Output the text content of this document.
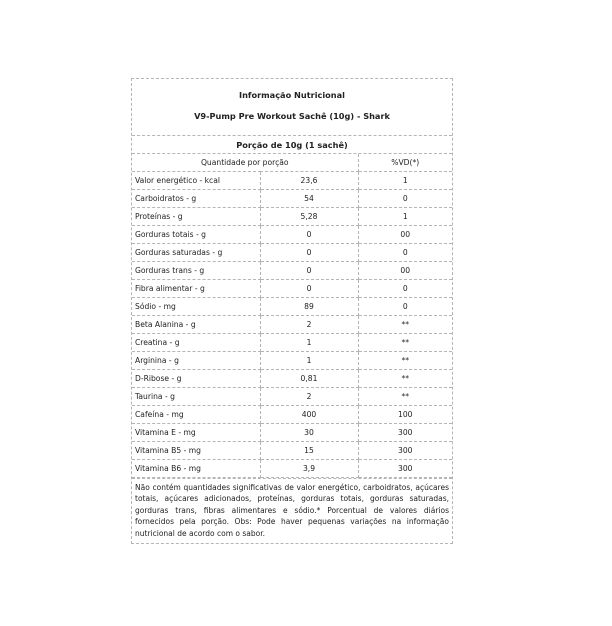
Informação Nutricional
V9-Pump Pre Workout Sachê (10g) - Shark
Porção de 10g (1 sachê)
Quantidade por porção		%VD(*)
Valor energético - kcal	23,6	1
Carboidratos - g	54	0
Proteínas - g	5,28	1
Gorduras totais - g	0	00
Gorduras saturadas - g	0	0
Gorduras trans - g	0	00
Fibra alimentar - g	0	0
Sódio - mg	89	0
Beta Alanina - g	2	**
Creatina - g	1	**
Arginina - g	1	**
D-Ribose - g	0,81	**
Taurina - g	2	**
Cafeína - mg	400	100
Vitamina E - mg	30	300
Vitamina B5 - mg	15	300
Vitamina B6 - mg	3,9	300
Não contém quantidades significativas de valor energético, carboidratos, açúcares totais, açúcares adicionados, proteínas, gorduras totais, gorduras saturadas, gorduras trans, fibras alimentares e sódio.* Porcentual de valores diários fornecidos pela porção. Obs: Pode haver pequenas variações na informação nutricional de acordo com o sabor.
